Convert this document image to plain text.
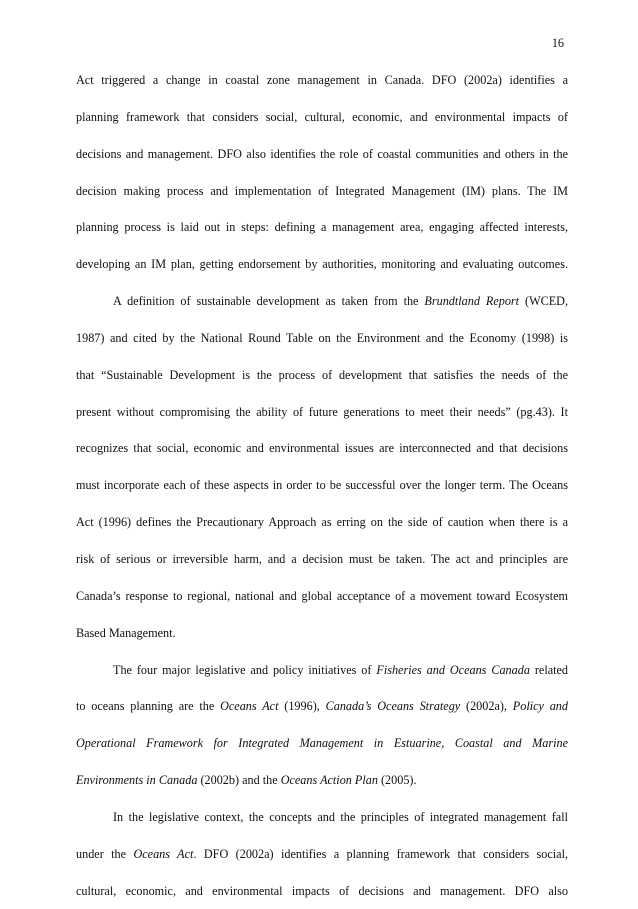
16
Act triggered a change in coastal zone management in Canada. DFO (2002a) identifies a
planning framework that considers social, cultural, economic, and environmental impacts of
decisions and management. DFO also identifies the role of coastal communities and others in the
decision making process and implementation of Integrated Management (IM) plans. The IM
planning process is laid out in steps: defining a management area, engaging affected interests,
developing an IM plan, getting endorsement by authorities, monitoring and evaluating outcomes.
A definition of sustainable development as taken from the Brundtland Report (WCED,
1987) and cited by the National Round Table on the Environment and the Economy (1998) is
that “Sustainable Development is the process of development that satisfies the needs of the
present without compromising the ability of future generations to meet their needs” (pg.43). It
recognizes that social, economic and environmental issues are interconnected and that decisions
must incorporate each of these aspects in order to be successful over the longer term. The Oceans
Act (1996) defines the Precautionary Approach as erring on the side of caution when there is a
risk of serious or irreversible harm, and a decision must be taken. The act and principles are
Canada’s response to regional, national and global acceptance of a movement toward Ecosystem
Based Management.
The four major legislative and policy initiatives of Fisheries and Oceans Canada related
to oceans planning are the Oceans Act (1996), Canada’s Oceans Strategy (2002a), Policy and
Operational Framework for Integrated Management in Estuarine, Coastal and Marine
Environments in Canada (2002b) and the Oceans Action Plan (2005).
In the legislative context, the concepts and the principles of integrated management fall
under the Oceans Act. DFO (2002a) identifies a planning framework that considers social,
cultural, economic, and environmental impacts of decisions and management. DFO also
